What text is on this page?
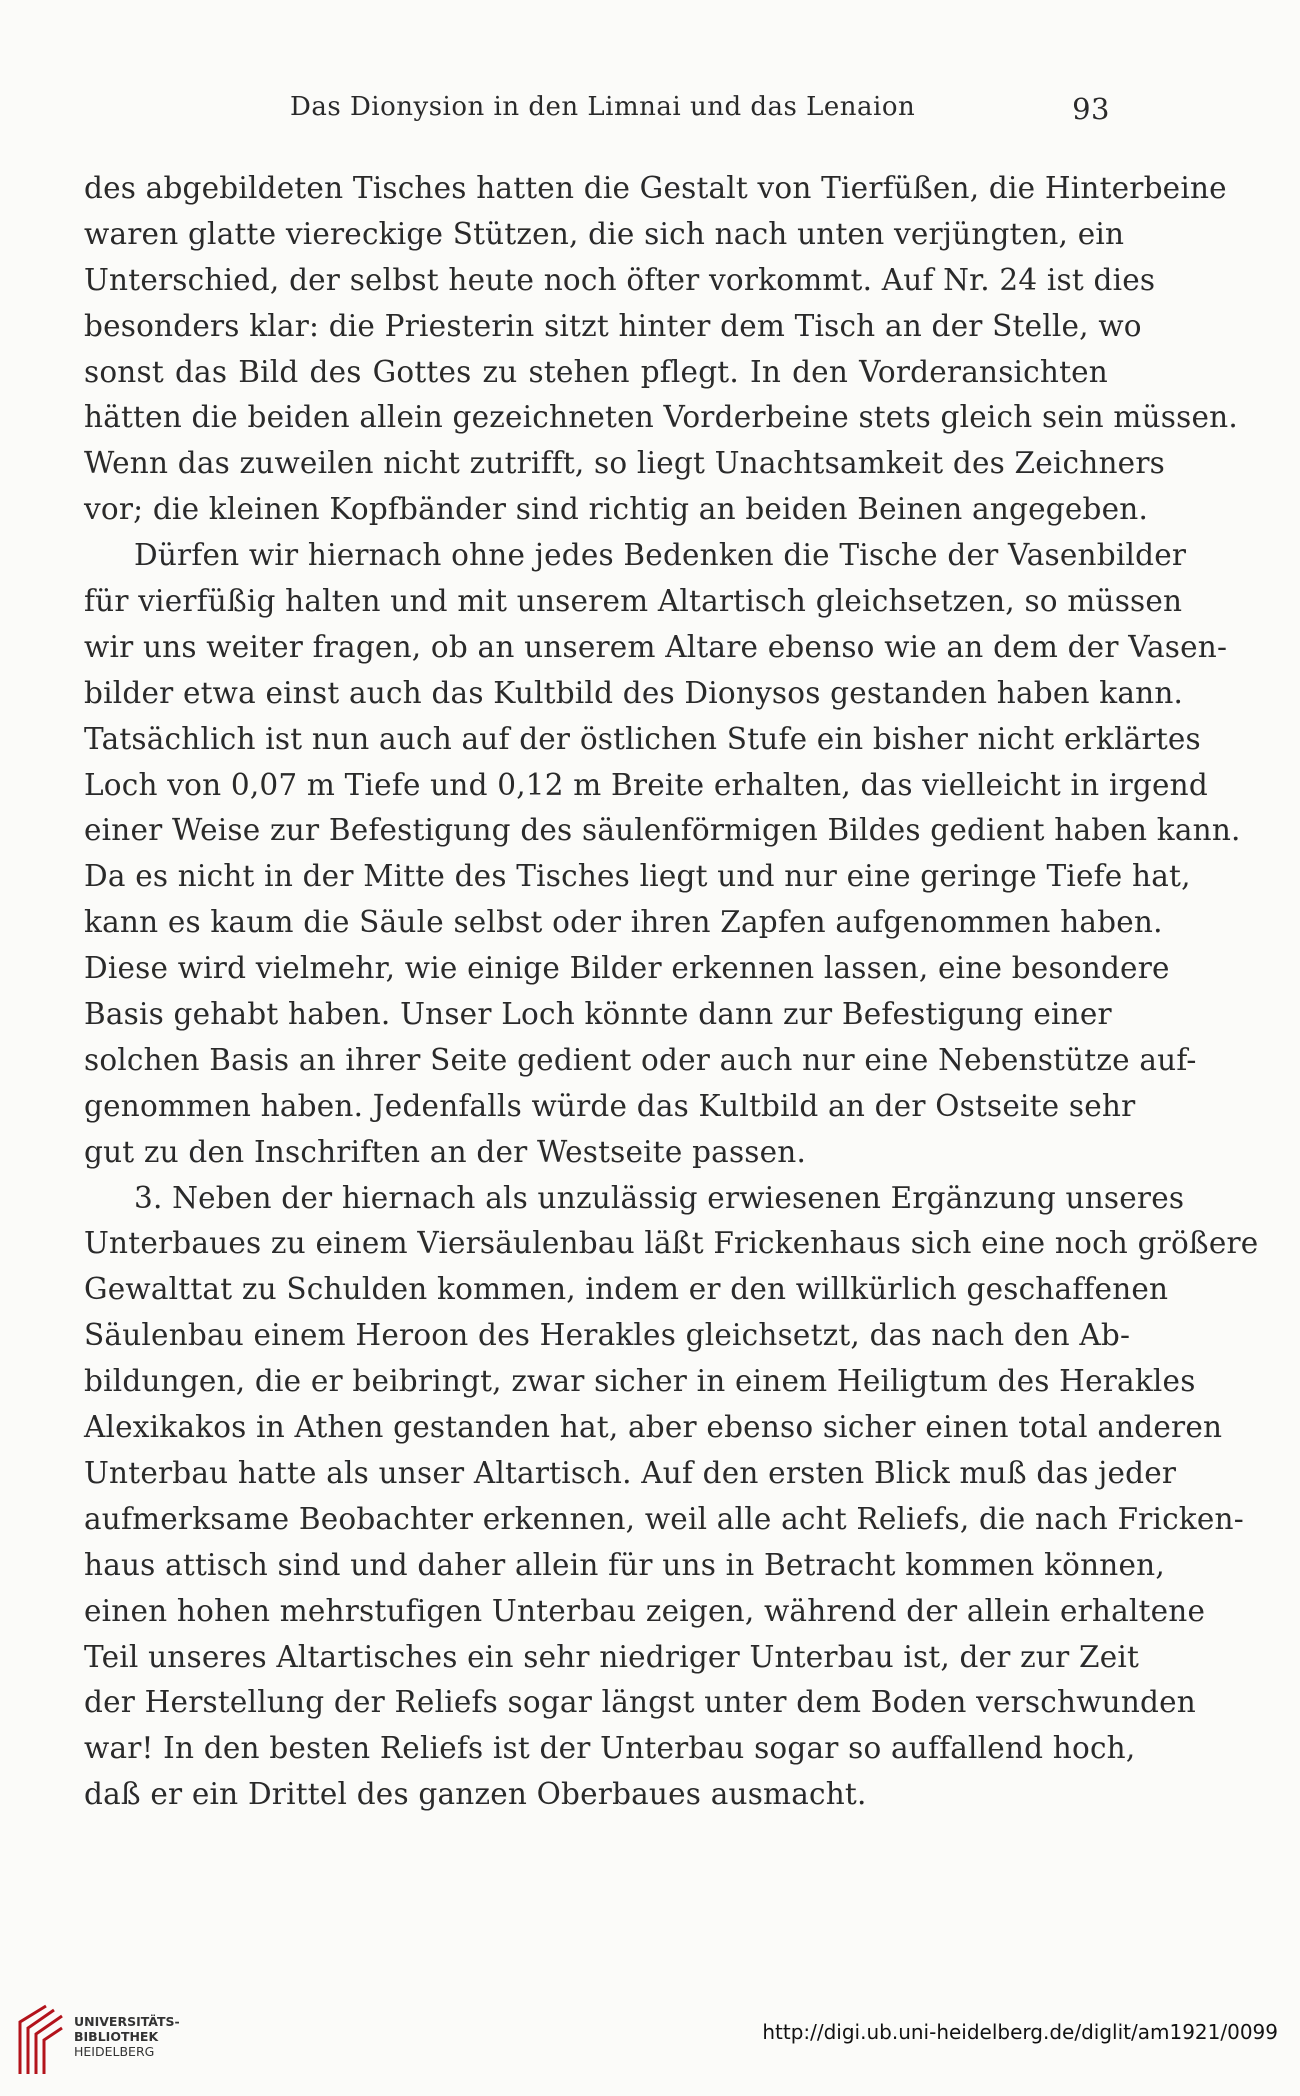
Das Dionysion in den Limnai und das Lenaion	93
des abgebildeten Tisches hatten die Gestalt von Tierfüßen, die Hinterbeine
waren glatte viereckige Stützen, die sich nach unten verjüngten, ein
Unterschied, der selbst heute noch öfter vorkommt. Auf Nr. 24 ist dies
besonders klar: die Priesterin sitzt hinter dem Tisch an der Stelle, wo
sonst das Bild des Gottes zu stehen pflegt. In den Vorderansichten
hätten die beiden allein gezeichneten Vorderbeine stets gleich sein müssen.
Wenn das zuweilen nicht zutrifft, so liegt Unachtsamkeit des Zeichners
vor; die kleinen Kopfbänder sind richtig an beiden Beinen angegeben.
Dürfen wir hiernach ohne jedes Bedenken die Tische der Vasenbilder
für vierfüßig halten und mit unserem Altartisch gleichsetzen, so müssen
wir uns weiter fragen, ob an unserem Altare ebenso wie an dem der Vasen-
bilder etwa einst auch das Kultbild des Dionysos gestanden haben kann.
Tatsächlich ist nun auch auf der östlichen Stufe ein bisher nicht erklärtes
Loch von 0,07 m Tiefe und 0,12 m Breite erhalten, das vielleicht in irgend
einer Weise zur Befestigung des säulenförmigen Bildes gedient haben kann.
Da es nicht in der Mitte des Tisches liegt und nur eine geringe Tiefe hat,
kann es kaum die Säule selbst oder ihren Zapfen aufgenommen haben.
Diese wird vielmehr, wie einige Bilder erkennen lassen, eine besondere
Basis gehabt haben. Unser Loch könnte dann zur Befestigung einer
solchen Basis an ihrer Seite gedient oder auch nur eine Nebenstütze auf-
genommen haben. Jedenfalls würde das Kultbild an der Ostseite sehr
gut zu den Inschriften an der Westseite passen.
3. Neben der hiernach als unzulässig erwiesenen Ergänzung unseres
Unterbaues zu einem Viersäulenbau läßt Frickenhaus sich eine noch größere
Gewalttat zu Schulden kommen, indem er den willkürlich geschaffenen
Säulenbau einem Heroon des Herakles gleichsetzt, das nach den Ab-
bildungen, die er beibringt, zwar sicher in einem Heiligtum des Herakles
Alexikakos in Athen gestanden hat, aber ebenso sicher einen total anderen
Unterbau hatte als unser Altartisch. Auf den ersten Blick muß das jeder
aufmerksame Beobachter erkennen, weil alle acht Reliefs, die nach Fricken-
haus attisch sind und daher allein für uns in Betracht kommen können,
einen hohen mehrstufigen Unterbau zeigen, während der allein erhaltene
Teil unseres Altartisches ein sehr niedriger Unterbau ist, der zur Zeit
der Herstellung der Reliefs sogar längst unter dem Boden verschwunden
war! In den besten Reliefs ist der Unterbau sogar so auffallend hoch,
daß er ein Drittel des ganzen Oberbaues ausmacht.
UNIVERSITÄTS-
BIBLIOTHEK
HEIDELBERG
http://digi.ub.uni-heidelberg.de/diglit/am1921/0099
